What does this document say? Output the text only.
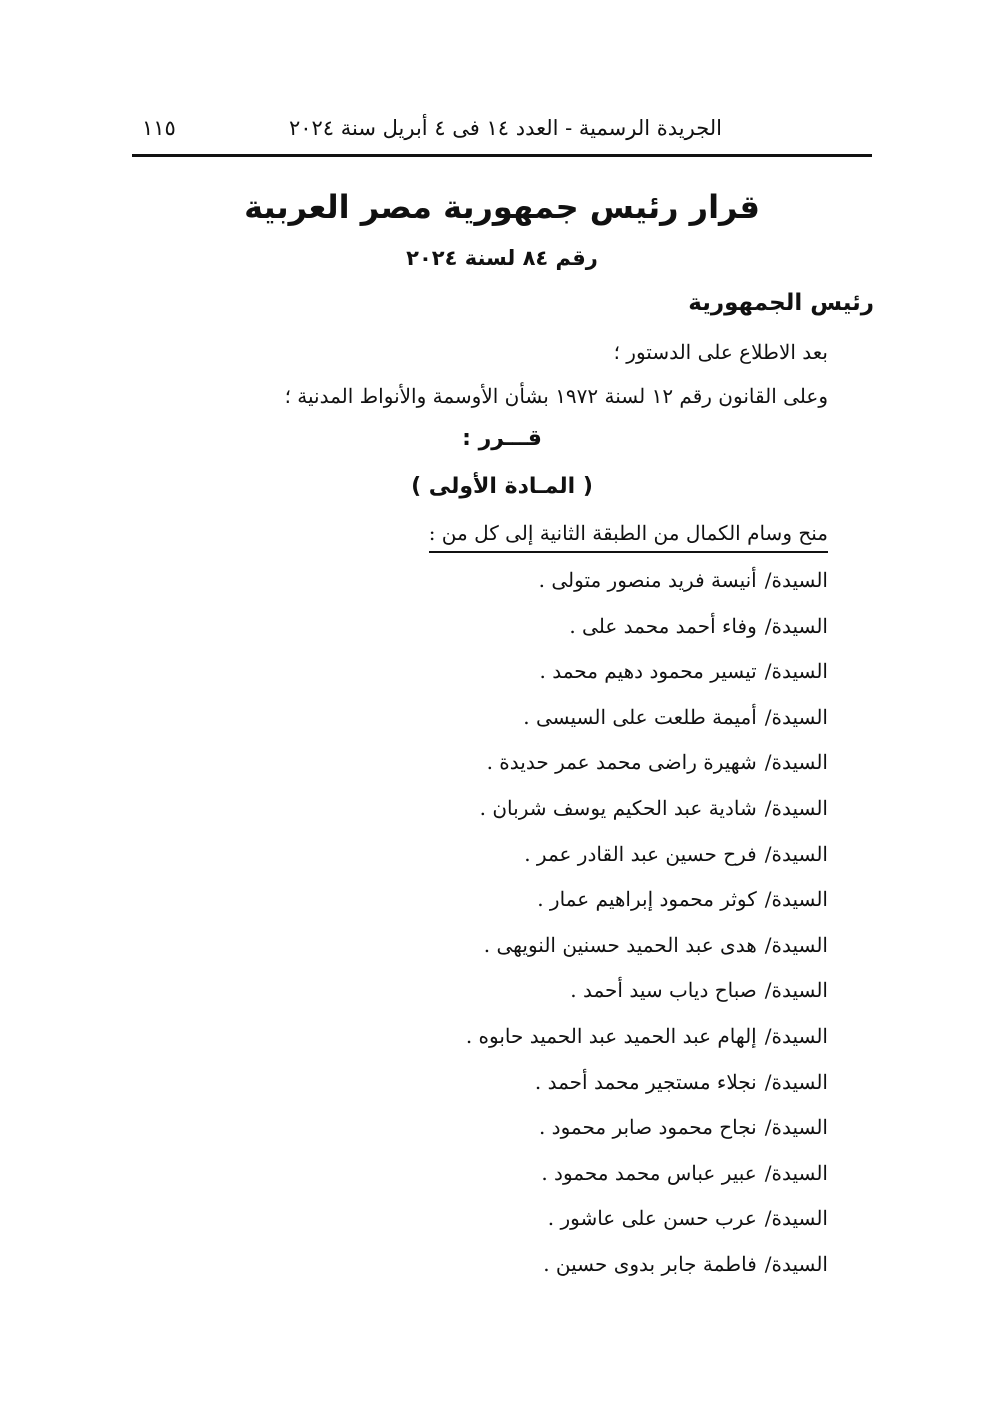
الجريدة الرسمية - العدد ١٤ فى ٤ أبريل سنة ٢٠٢٤
١١٥
قرار رئيس جمهورية مصر العربية
رقم ٨٤ لسنة ٢٠٢٤
رئيس الجمهورية
بعد الاطلاع على الدستور ؛
وعلى القانون رقم ١٢ لسنة ١٩٧٢ بشأن الأوسمة والأنواط المدنية ؛
قـــرر :
( المـادة الأولى )
منح وسام الكمال من الطبقة الثانية إلى كل من :
السيدة/أنيسة فريد منصور متولى .
السيدة/وفاء أحمد محمد على .
السيدة/تيسير محمود دهيم محمد .
السيدة/أميمة طلعت على السيسى .
السيدة/شهيرة راضى محمد عمر حديدة .
السيدة/شادية عبد الحكيم يوسف شربان .
السيدة/فرح حسين عبد القادر عمر .
السيدة/كوثر محمود إبراهيم عمار .
السيدة/هدى عبد الحميد حسنين النويهى .
السيدة/صباح دياب سيد أحمد .
السيدة/إلهام عبد الحميد عبد الحميد حابوه .
السيدة/نجلاء مستجير محمد أحمد .
السيدة/نجاح محمود صابر محمود .
السيدة/عبير عباس محمد محمود .
السيدة/عرب حسن على عاشور .
السيدة/فاطمة جابر بدوى حسين .
